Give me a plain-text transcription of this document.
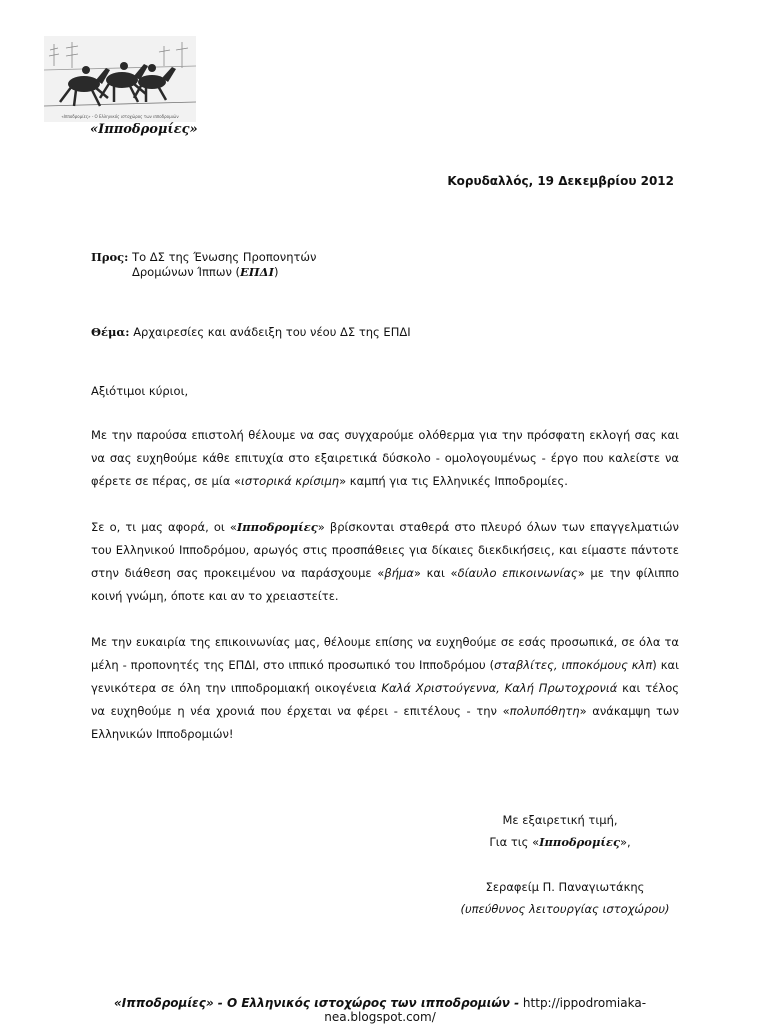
«Ιπποδρομίες» - Ο Ελληνικός ιστοχώρος των ιπποδρομιών
«Ιπποδρομίες»
Κορυδαλλός, 19 Δεκεμβρίου 2012
Προς: Το ΔΣ της Ένωσης Προπονητών
Δρομώνων Ίππων (ΕΠΔΙ)
Θέμα: Αρχαιρεσίες και ανάδειξη του νέου ΔΣ της ΕΠΔΙ
Αξιότιμοι κύριοι,
Με την παρούσα επιστολή θέλουμε να σας συγχαρούμε ολόθερμα για την πρόσφατη εκλογή σας και να σας ευχηθούμε κάθε επιτυχία στο εξαιρετικά δύσκολο - ομολογουμένως - έργο που καλείστε να φέρετε σε πέρας, σε μία «ιστορικά κρίσιμη» καμπή για τις Ελληνικές Ιπποδρομίες.
Σε ο, τι μας αφορά, οι «Ιπποδρομίες» βρίσκονται σταθερά στο πλευρό όλων των επαγγελματιών του Ελληνικού Ιπποδρόμου, αρωγός στις προσπάθειες για δίκαιες διεκδικήσεις, και είμαστε πάντοτε στην διάθεση σας προκειμένου να παράσχουμε «βήμα» και «δίαυλο επικοινωνίας» με την φίλιππο κοινή γνώμη, όποτε και αν το χρειαστείτε.
Με την ευκαιρία της επικοινωνίας μας, θέλουμε επίσης να ευχηθούμε σε εσάς προσωπικά, σε όλα τα μέλη - προπονητές της ΕΠΔΙ, στο ιππικό προσωπικό του Ιπποδρόμου (σταβλίτες, ιπποκόμους κλπ) και γενικότερα σε όλη την ιπποδρομιακή οικογένεια Καλά Χριστούγεννα, Καλή Πρωτοχρονιά και τέλος να ευχηθούμε η νέα χρονιά που έρχεται να φέρει - επιτέλους - την «πολυπόθητη» ανάκαμψη των Ελληνικών Ιπποδρομιών!
Με εξαιρετική τιμή,
Για τις «Ιπποδρομίες»,
Σεραφείμ Π. Παναγιωτάκης
(υπεύθυνος λειτουργίας ιστοχώρου)
«Ιπποδρομίες» - Ο Ελληνικός ιστοχώρος των ιπποδρομιών - http://ippodromiaka-nea.blogspot.com/
